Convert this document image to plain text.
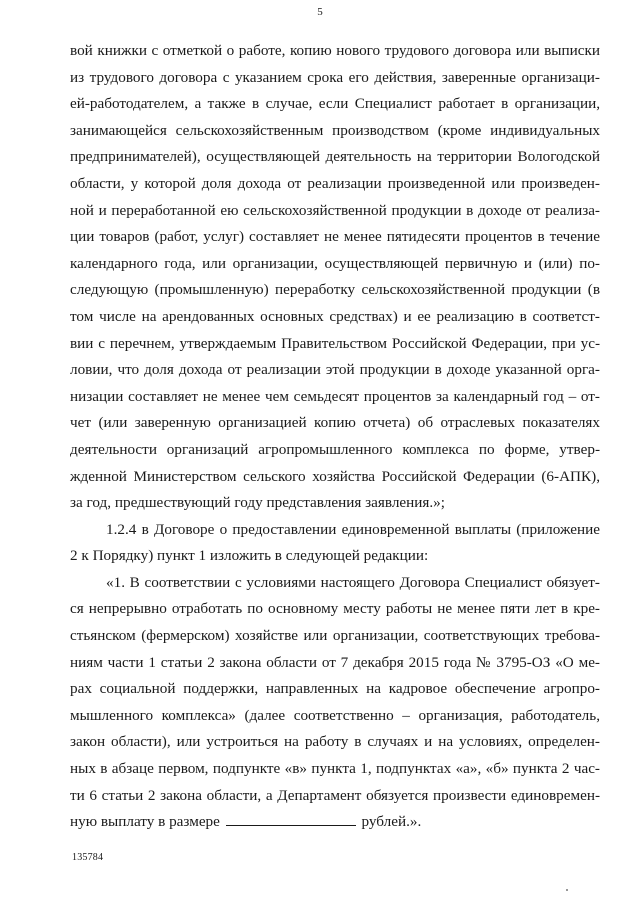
5

вой книжки с отметкой о работе, копию нового трудового договора или выписки
из трудового договора с указанием срока его действия, заверенные организаци-
ей-работодателем, а также в случае, если Специалист работает в организации,
занимающейся сельскохозяйственным производством (кроме индивидуальных
предпринимателей), осуществляющей деятельность на территории Вологодской
области, у которой доля дохода от реализации произведенной или произведен-
ной и переработанной ею сельскохозяйственной продукции в доходе от реализа-
ции товаров (работ, услуг) составляет не менее пятидесяти процентов в течение
календарного года, или организации, осуществляющей первичную и (или) по-
следующую (промышленную) переработку сельскохозяйственной продукции (в
том числе на арендованных основных средствах) и ее реализацию в соответст-
вии с перечнем, утверждаемым Правительством Российской Федерации, при ус-
ловии, что доля дохода от реализации этой продукции в доходе указанной орга-
низации составляет не менее чем семьдесят процентов за календарный год – от-
чет (или заверенную организацией копию отчета) об отраслевых показателях
деятельности организаций агропромышленного комплекса по форме, утвер-
жденной Министерством сельского хозяйства Российской Федерации (6-АПК),
за год, предшествующий году представления заявления.»;

1.2.4 в Договоре о предоставлении единовременной выплаты (приложение
2 к Порядку) пункт 1 изложить в следующей редакции:

«1. В соответствии с условиями настоящего Договора Специалист обязует-
ся непрерывно отработать по основному месту работы не менее пяти лет в кре-
стьянском (фермерском) хозяйстве или организации, соответствующих требова-
ниям части 1 статьи 2 закона области от 7 декабря 2015 года № 3795-ОЗ «О ме-
рах социальной поддержки, направленных на кадровое обеспечение агропро-
мышленного комплекса» (далее соответственно – организация, работодатель,
закон области), или устроиться на работу в случаях и на условиях, определен-
ных в абзаце первом, подпункте «в» пункта 1, подпунктах «а», «б» пункта 2 час-
ти 6 статьи 2 закона области, а Департамент обязуется произвести единовремен-
ную выплату в размере	рублей.».

135784
